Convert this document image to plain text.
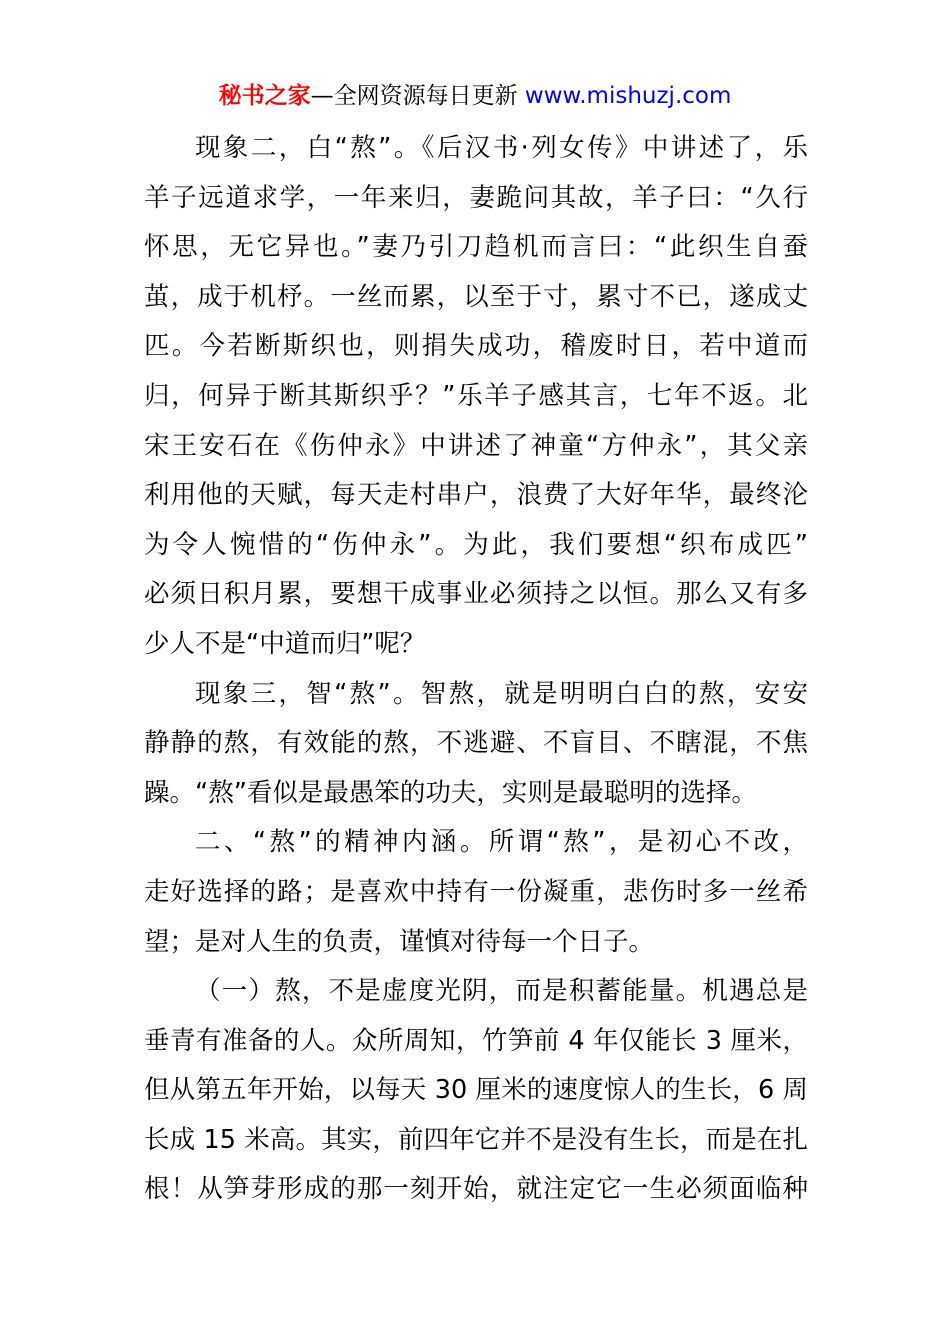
秘书之家—全网资源每日更新 www.mishuzj.com
现象二，白“熬”。《后汉书·列女传》中讲述了，乐
羊子远道求学，一年来归，妻跪问其故，羊子曰：“久行
怀思，无它异也。”妻乃引刀趋机而言曰：“此织生自蚕
茧，成于机杼。一丝而累，以至于寸，累寸不已，遂成丈
匹。今若断斯织也，则捐失成功，稽废时日，若中道而
归，何异于断其斯织乎？”乐羊子感其言，七年不返。北
宋王安石在《伤仲永》中讲述了神童“方仲永”，其父亲
利用他的天赋，每天走村串户，浪费了大好年华，最终沦
为令人惋惜的“伤仲永”。为此，我们要想“织布成匹”
必须日积月累，要想干成事业必须持之以恒。那么又有多
少人不是“中道而归”呢？
现象三，智“熬”。智熬，就是明明白白的熬，安安
静静的熬，有效能的熬，不逃避、不盲目、不瞎混，不焦
躁。“熬”看似是最愚笨的功夫，实则是最聪明的选择。
二、“熬”的精神内涵。所谓“熬”，是初心不改，
走好选择的路；是喜欢中持有一份凝重，悲伤时多一丝希
望；是对人生的负责，谨慎对待每一个日子。
（一）熬，不是虚度光阴，而是积蓄能量。机遇总是
垂青有准备的人。众所周知，竹笋前 4 年仅能长 3 厘米，
但从第五年开始，以每天 30 厘米的速度惊人的生长，6 周
长成 15 米高。其实，前四年它并不是没有生长，而是在扎
根！从笋芽形成的那一刻开始，就注定它一生必须面临种
